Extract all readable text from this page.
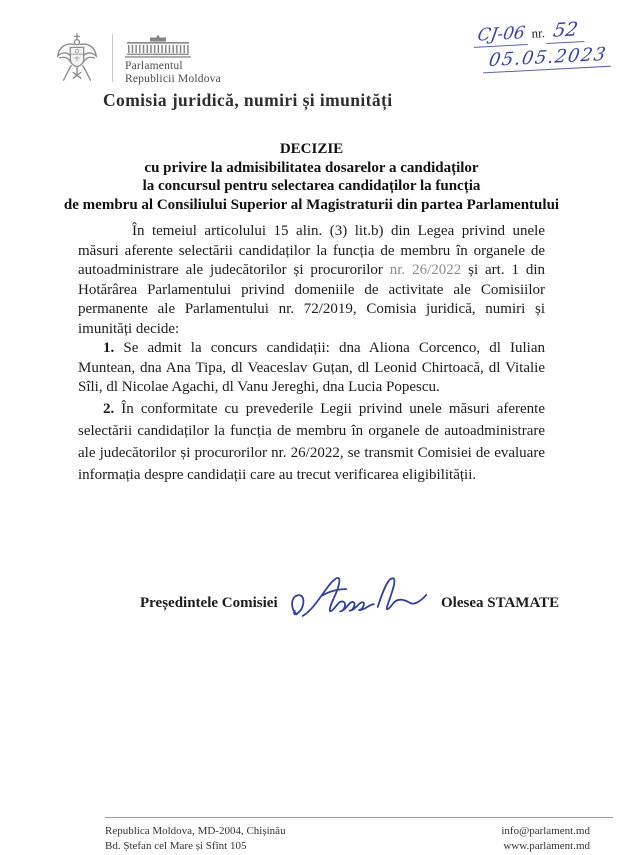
Parlamentul
Republicii Moldova
CJ-06 nr. 52
05.05.2023
Comisia juridică, numiri și imunități
DECIZIE
cu privire la admisibilitatea dosarelor a candidaților
la concursul pentru selectarea candidaților la funcția
de membru al Consiliului Superior al Magistraturii din partea Parlamentului

În temeiul articolului 15 alin. (3) lit.b) din Legea privind unele măsuri aferente selectării candidaților la funcția de membru în organele de autoadministrare ale judecătorilor și procurorilor nr. 26/2022 și art. 1 din Hotărârea Parlamentului privind domeniile de activitate ale Comisiilor permanente ale Parlamentului nr. 72/2019, Comisia juridică, numiri și imunități decide:

1. Se admit la concurs candidații: dna Aliona Corcenco, dl Iulian Muntean, dna Ana Tipa, dl Veaceslav Guțan, dl Leonid Chirtoacă, dl Vitalie Sîli, dl Nicolae Agachi, dl Vanu Jereghi, dna Lucia Popescu.

2. În conformitate cu prevederile Legii privind unele măsuri aferente selectării candidaților la funcția de membru în organele de autoadministrare ale judecătorilor și procurorilor nr. 26/2022, se transmit Comisiei de evaluare informația despre candidații care au trecut verificarea eligibilității.

Președintele Comisiei	Olesea STAMATE
Republica Moldova, MD-2004, Chișinău
Bd. Ștefan cel Mare și Sfînt 105
info@parlament.md
www.parlament.md
